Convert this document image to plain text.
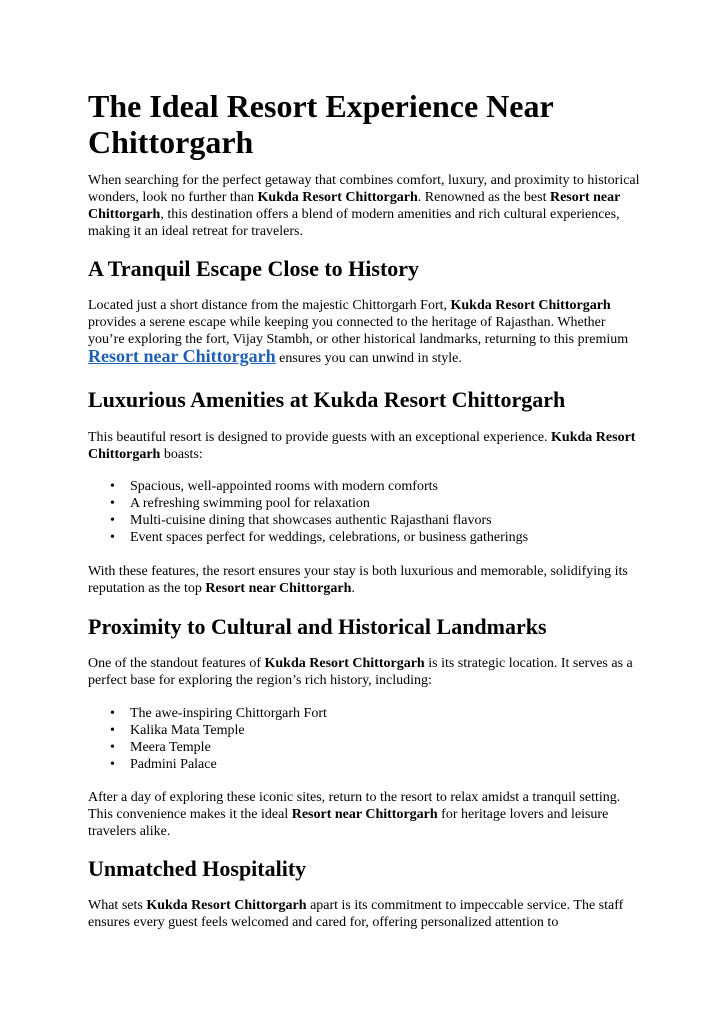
The Ideal Resort Experience Near Chittorgarh

When searching for the perfect getaway that combines comfort, luxury, and proximity to historical wonders, look no further than Kukda Resort Chittorgarh. Renowned as the best Resort near Chittorgarh, this destination offers a blend of modern amenities and rich cultural experiences, making it an ideal retreat for travelers.

A Tranquil Escape Close to History

Located just a short distance from the majestic Chittorgarh Fort, Kukda Resort Chittorgarh provides a serene escape while keeping you connected to the heritage of Rajasthan. Whether you’re exploring the fort, Vijay Stambh, or other historical landmarks, returning to this premium Resort near Chittorgarh ensures you can unwind in style.

Luxurious Amenities at Kukda Resort Chittorgarh

This beautiful resort is designed to provide guests with an exceptional experience. Kukda Resort Chittorgarh boasts:

• Spacious, well-appointed rooms with modern comforts
• A refreshing swimming pool for relaxation
• Multi-cuisine dining that showcases authentic Rajasthani flavors
• Event spaces perfect for weddings, celebrations, or business gatherings

With these features, the resort ensures your stay is both luxurious and memorable, solidifying its reputation as the top Resort near Chittorgarh.

Proximity to Cultural and Historical Landmarks

One of the standout features of Kukda Resort Chittorgarh is its strategic location. It serves as a perfect base for exploring the region’s rich history, including:

• The awe-inspiring Chittorgarh Fort
• Kalika Mata Temple
• Meera Temple
• Padmini Palace

After a day of exploring these iconic sites, return to the resort to relax amidst a tranquil setting. This convenience makes it the ideal Resort near Chittorgarh for heritage lovers and leisure travelers alike.

Unmatched Hospitality

What sets Kukda Resort Chittorgarh apart is its commitment to impeccable service. The staff ensures every guest feels welcomed and cared for, offering personalized attention to
